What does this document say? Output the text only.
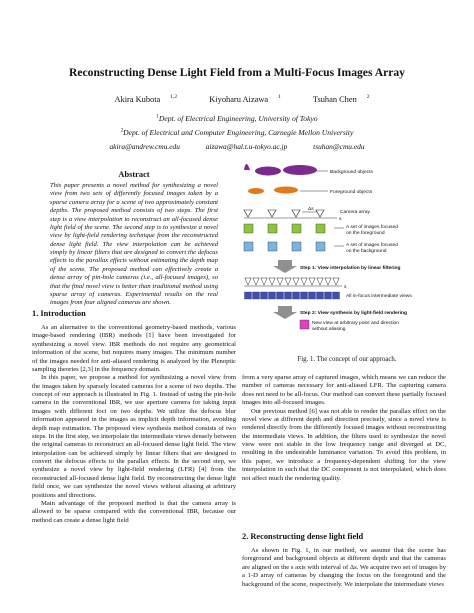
Reconstructing Dense Light Field from a Multi-Focus Images Array
Akira Kubota $^{1,2}$	Kiyoharu Aizawa $^1$	Tsuhan Chen $^2$
$^1$Dept. of Electrical Engineering, University of Tokyo
$^2$Dept. of Electrical and Computer Engineering, Carnegie Mellon University
akira@andrew.cmu.edu	aizawa@hal.t.u-tokyo.ac.jp	tsuhan@cmu.edu
Abstract

This paper presents a novel method for synthesizing a novel view from two sets of differently focused images taken by a sparse camera array for a scene of two approximately constant depths. The proposed method consists of two steps. The first step is a view interpolation to reconstruct an all-focused dense light field of the scene. The second step is to synthesize a novel view by light-field rendering technique from the reconstructed dense light field. The view interpolation can be achieved simply by linear filters that are designed to convert the defocus effects to the parallax effects without estimating the depth map of the scene. The proposed method can effectively create a dense array of pin-hole cameras (i.e., all-focused images), so that the final novel view is better than traditional method using sparse array of cameras. Experimental results on the real images from four aligned cameras are shown.

1. Introduction

As an alternative to the conventional geometry-based methods, various image-based rendering (IBR) methods [1] have been investigated for synthesizing a novel view. IBR methods do not require any geometrical information of the scene, but requires many images. The minimum number of the images needed for anti-aliased rendering is analyzed by the Plenoptic sampling theories [2,3] in the frequency domain.

In this paper, we propose a method for synthesizing a novel view from the images taken by sparsely located cameras for a scene of two depths. The concept of our approach is illustrated in Fig. 1. Instead of using the pin-hole camera in the conventional IBR, we use aperture camera for taking input images with different foci on two depths. We utilize the defocus blur information appeared in the images as implicit depth information, avoiding depth map estimation. The proposed view synthesis method consists of two steps. In the first step, we interpolate the intermediate views densely between the original cameras to reconstruct an all-focused dense light field. The view interpolation can be achieved simply by linear filters that are designed to convert the defocus effects to the parallax effects. In the second step, we synthesize a novel view by light-field rendering (LFR) [4] from the reconstructed all-focused dense light field. By reconstructing the dense light field once, we can synthesize the novel views without aliasing at arbitrary positions and directions.

Main advantage of the proposed method is that the camera array is allowed to be sparse compared with the conventional IBR, because our method can create a dense light field

Background objects
Foreground objects
Δs
s
Camera array
A set of images focused on the foreground
A set of images focused on the background
Step 1: View interpolation by linear filtering
s
All in-focus intermediate views
Step 2: View synthesis by light-field rendering
New view at arbitrary point and direction without aliasing
Fig. 1. The concept of our approach.

from a very sparse array of captured images, which means we can reduce the number of cameras necessary for anti-aliased LFR. The capturing camera does not need to be all-focus. Our method can convert these partially focused images into all-focused images.

Our previous method [6] was not able to render the parallax effect on the novel view at different depth and direction precisely, since a novel view is rendered directly from the differently focused images without reconstructing the intermediate views. In addition, the filters used to synthesize the novel view were not stable in the low frequency range and diverged at DC, resulting in the undesirable luminance variation. To avoid this problem, in this paper, we introduce a frequency-dependent shifting for the view interpolation in such that the DC component is not interpolated, which does not affect much the rendering quality.

2. Reconstructing dense light field

As shown in Fig. 1, in our method, we assume that the scene has foreground and background objects at different depth and that the cameras are aligned on the s axis with interval of Δs. We acquire two set of images by a 1-D array of cameras by changing the focus on the foreground and the background of the scene, respectively. We interpolate the intermediate views
